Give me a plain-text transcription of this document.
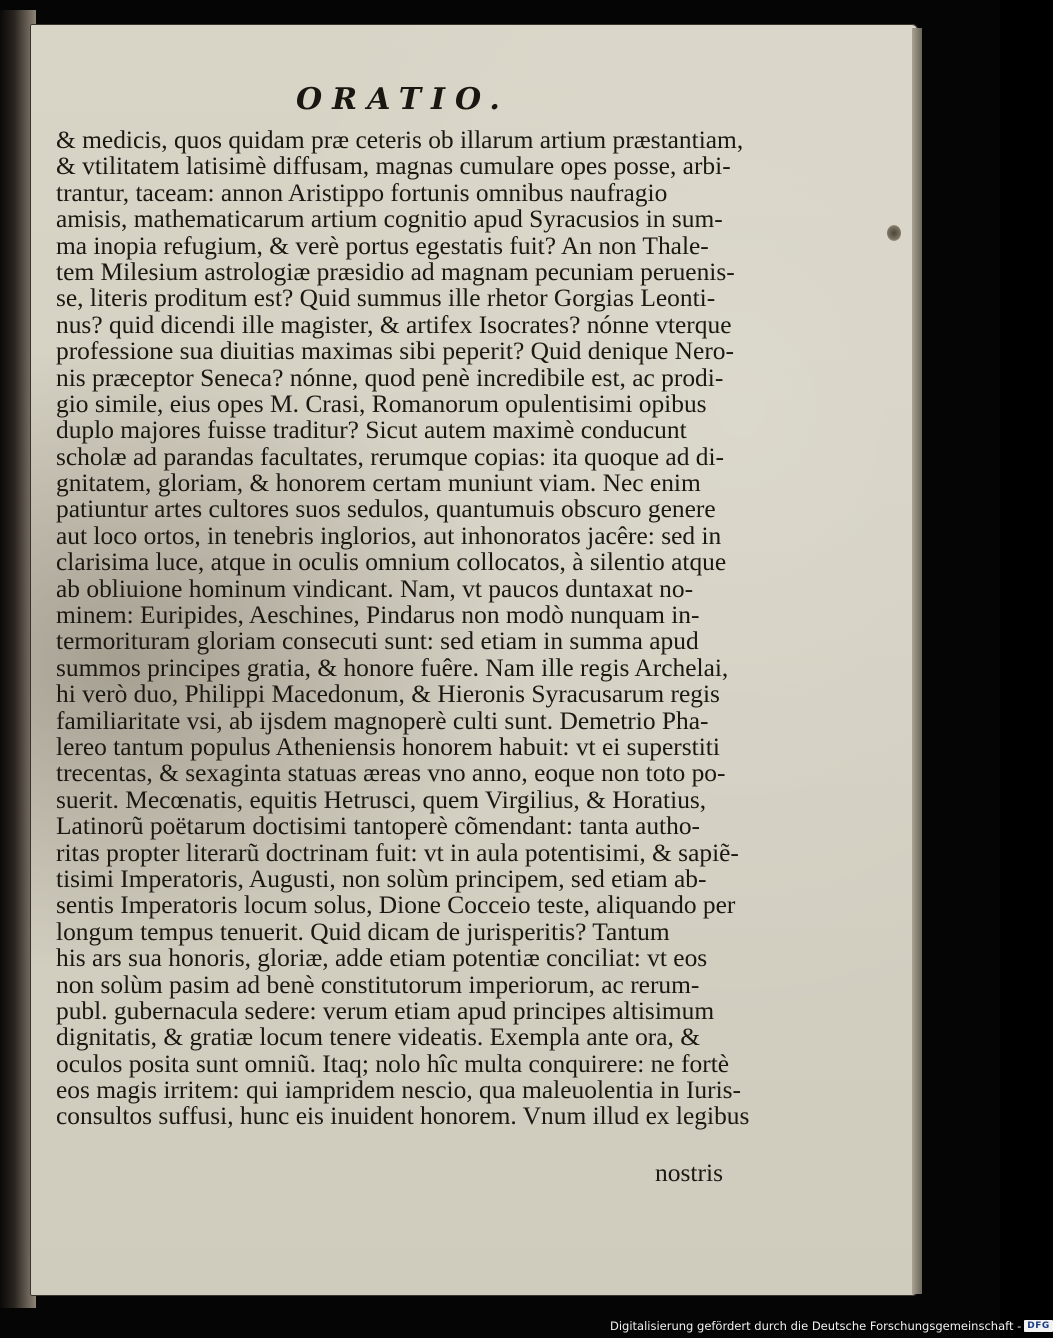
ORATIO.
& medicis, quos quidam præ ceteris ob illarum artium præstantiam,
& vtilitatem latisimè diffusam, magnas cumulare opes posse, arbi-
trantur, taceam: annon Aristippo fortunis omnibus naufragio
amisis, mathematicarum artium cognitio apud Syracusios in sum-
ma inopia refugium, & verè portus egestatis fuit? An non Thale-
tem Milesium astrologiæ præsidio ad magnam pecuniam peruenis-
se, literis proditum est? Quid summus ille rhetor Gorgias Leonti-
nus? quid dicendi ille magister, & artifex Isocrates? nónne vterque
professione sua diuitias maximas sibi peperit? Quid denique Nero-
nis præceptor Seneca? nónne, quod penè incredibile est, ac prodi-
gio simile, eius opes M. Crasi, Romanorum opulentisimi opibus
duplo majores fuisse traditur? Sicut autem maximè conducunt
scholæ ad parandas facultates, rerumque copias: ita quoque ad di-
gnitatem, gloriam, & honorem certam muniunt viam. Nec enim
patiuntur artes cultores suos sedulos, quantumuis obscuro genere
aut loco ortos, in tenebris inglorios, aut inhonoratos jacêre: sed in
clarisima luce, atque in oculis omnium collocatos, à silentio atque
ab obliuione hominum vindicant. Nam, vt paucos duntaxat no-
minem: Euripides, Aeschines, Pindarus non modò nunquam in-
termorituram gloriam consecuti sunt: sed etiam in summa apud
summos principes gratia, & honore fuêre. Nam ille regis Archelai,
hi verò duo, Philippi Macedonum, & Hieronis Syracusarum regis
familiaritate vsi, ab ijsdem magnoperè culti sunt. Demetrio Pha-
lereo tantum populus Atheniensis honorem habuit: vt ei superstiti
trecentas, & sexaginta statuas æreas vno anno, eoque non toto po-
suerit. Mecœnatis, equitis Hetrusci, quem Virgilius, & Horatius,
Latinorũ poëtarum doctisimi tantoperè cõmendant: tanta autho-
ritas propter literarũ doctrinam fuit: vt in aula potentisimi, & sapiẽ-
tisimi Imperatoris, Augusti, non solùm principem, sed etiam ab-
sentis Imperatoris locum solus, Dione Cocceio teste, aliquando per
longum tempus tenuerit. Quid dicam de jurisperitis? Tantum
his ars sua honoris, gloriæ, adde etiam potentiæ conciliat: vt eos
non solùm pasim ad benè constitutorum imperiorum, ac rerum-
publ. gubernacula sedere: verum etiam apud principes altisimum
dignitatis, & gratiæ locum tenere videatis. Exempla ante ora, &
oculos posita sunt omniũ. Itaq; nolo hîc multa conquirere: ne fortè
eos magis irritem: qui iampridem nescio, qua maleuolentia in Iuris-
consultos suffusi, hunc eis inuident honorem. Vnum illud ex legibus
nostris
Digitalisierung gefördert durch die Deutsche Forschungsgemeinschaft - DFG
